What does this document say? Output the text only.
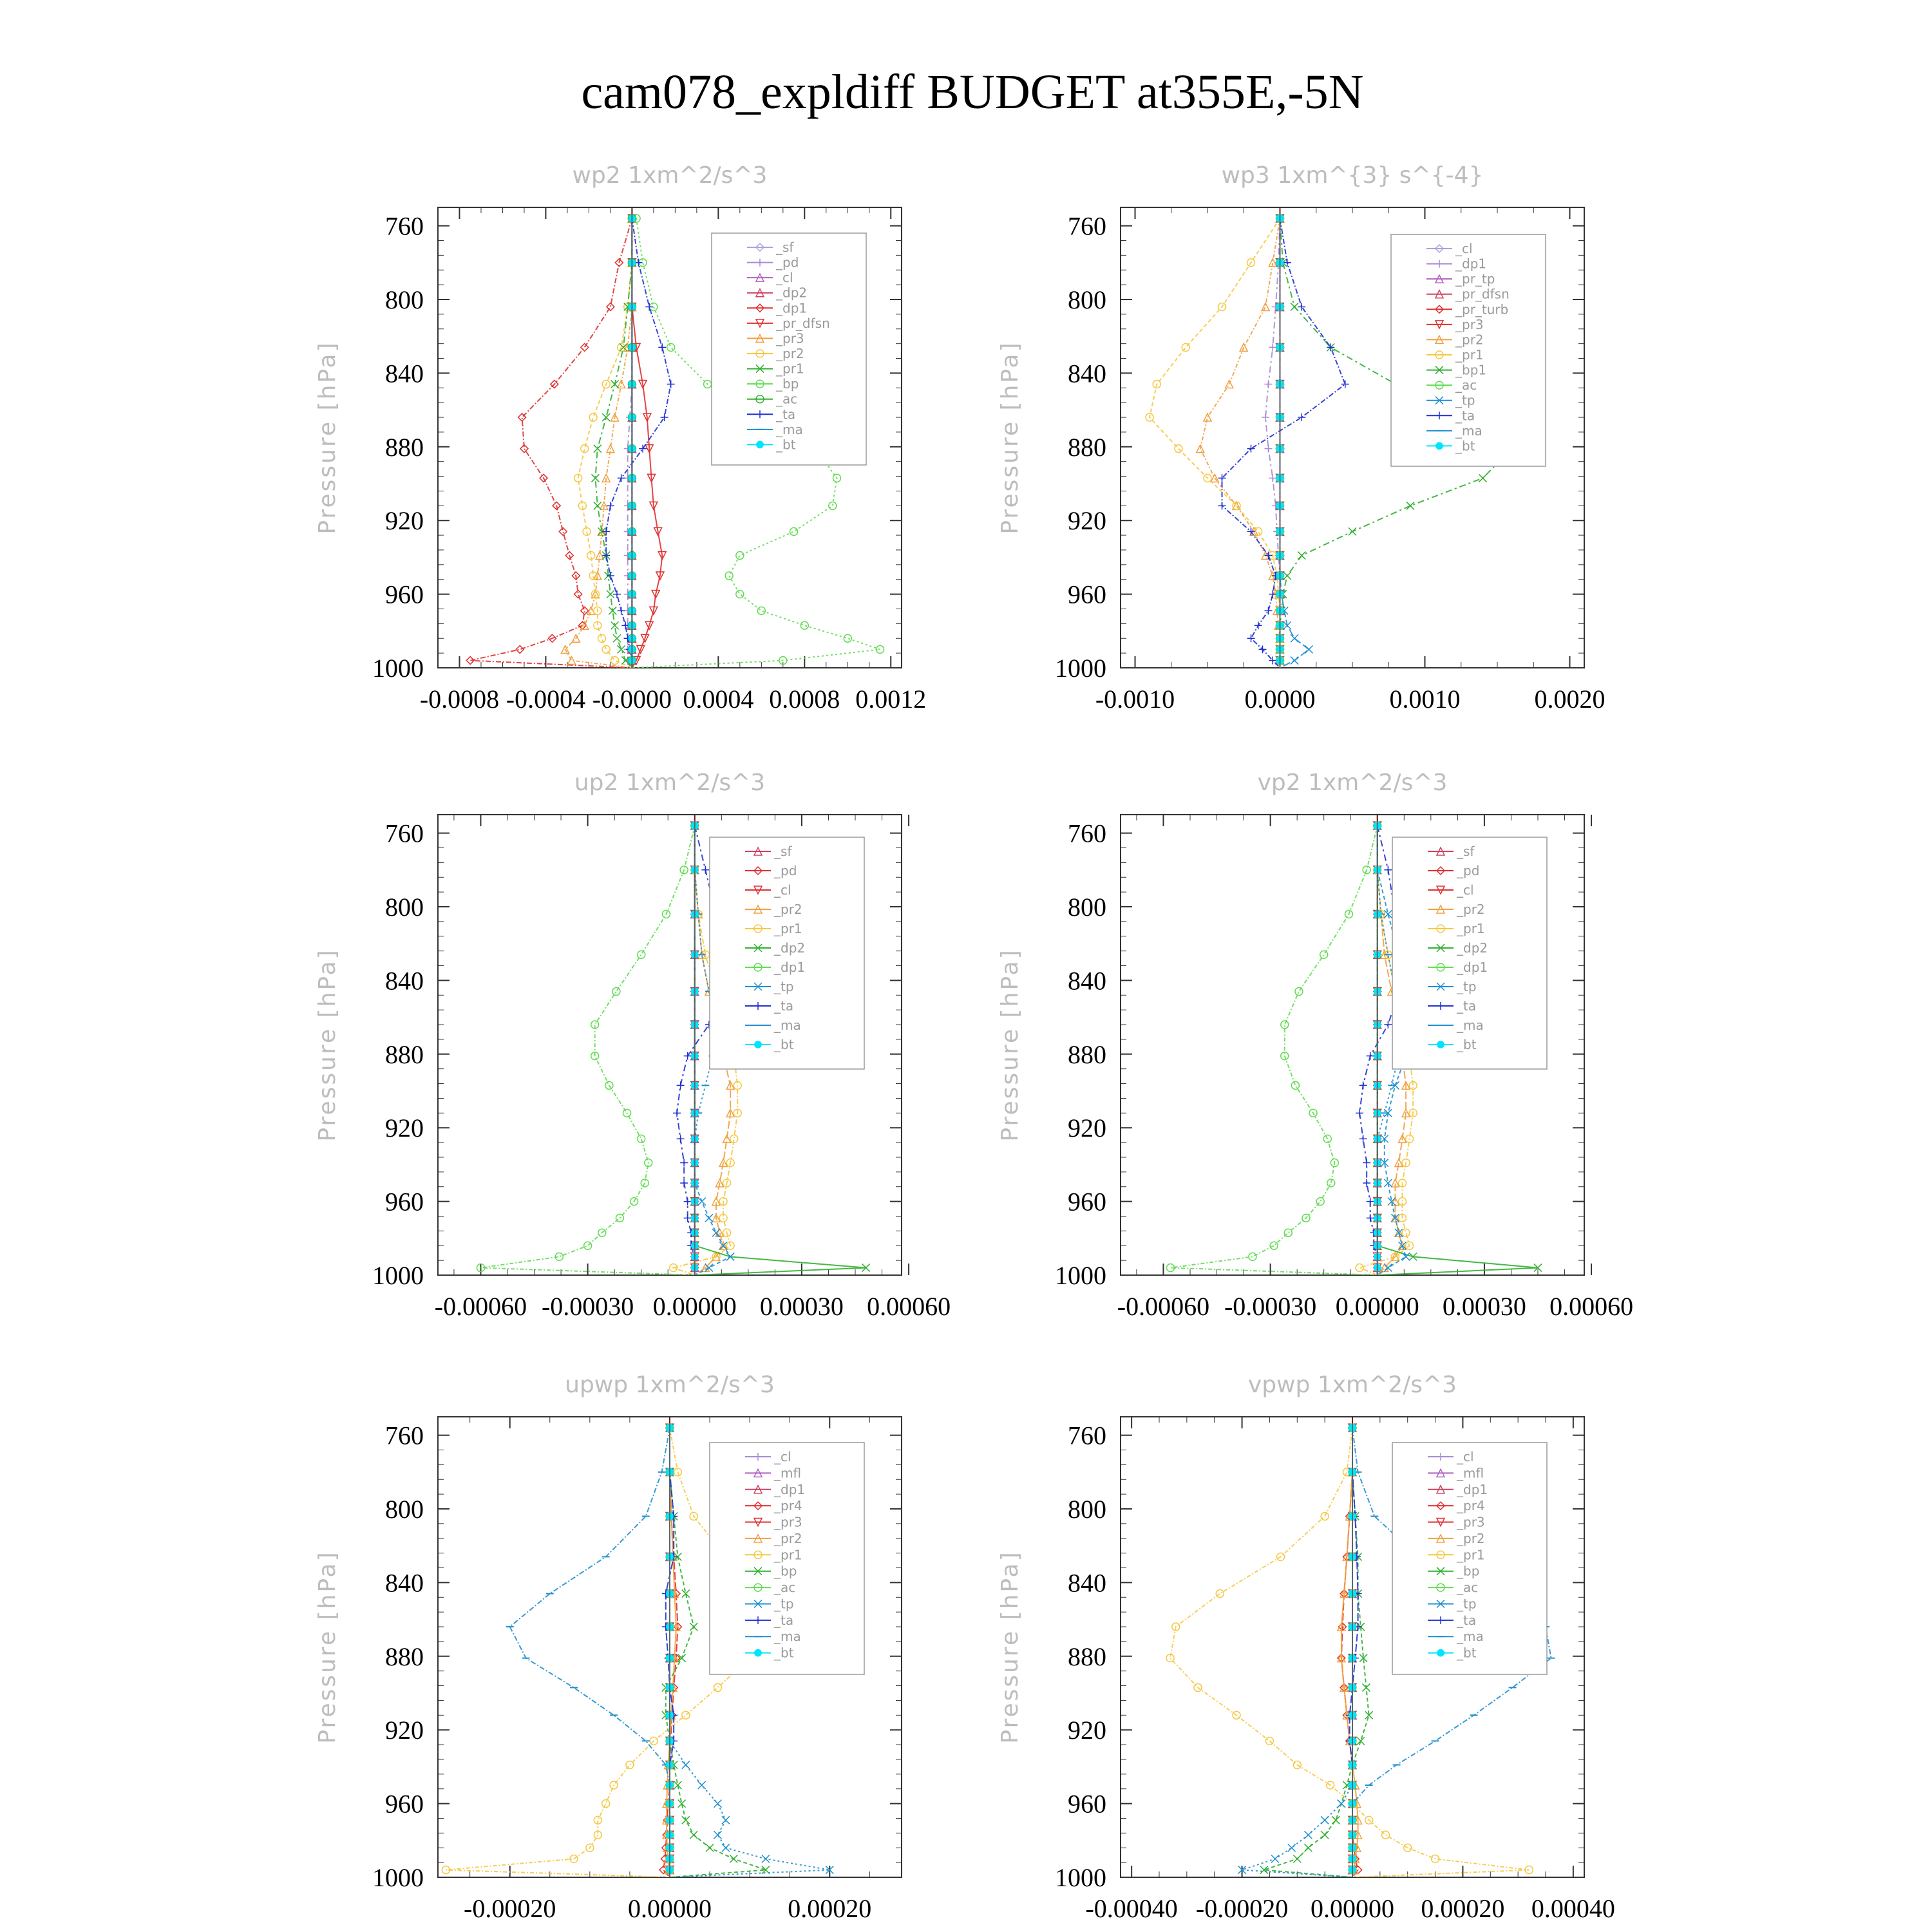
cam078_expldiff BUDGET at355E,-5N
wp2 1xm^2/s^3
Pressure [hPa]
760
800
840
880
920
960
1000
-0.0008 -0.0004 -0.0000 0.0004 0.0008 0.0012
_sf
_pd
_cl
_dp2
_dp1
_pr_dfsn
_pr3
_pr2
_pr1
_bp
_ac
_ta
_ma
_bt
wp3 1xm^{3} s^{-4}
Pressure [hPa]
760
800
840
880
920
960
1000
-0.0010	0.0000	0.0010	0.0020
_cl
_dp1
_pr_tp
_pr_dfsn
_pr_turb
_pr3
_pr2
_pr1
_bp1
_ac
_tp
_ta
_ma
_bt
up2 1xm^2/s^3
Pressure [hPa]
760
800
840
880
920
960
1000
-0.00060 -0.00030 0.00000 0.00030 0.00060
_sf
_pd
_cl
_pr2
_pr1
_dp2
_dp1
_tp
_ta
_ma
_bt
vp2 1xm^2/s^3
Pressure [hPa]
760
800
840
880
920
960
1000
-0.00060 -0.00030 0.00000 0.00030 0.00060
_sf
_pd
_cl
_pr2
_pr1
_dp2
_dp1
_tp
_ta
_ma
_bt
upwp 1xm^2/s^3
Pressure [hPa]
760
800
840
880
920
960
1000
-0.00020	0.00000	0.00020
_cl
_mfl
_dp1
_pr4
_pr3
_pr2
_pr1
_bp
_ac
_tp
_ta
_ma
_bt
vpwp 1xm^2/s^3
Pressure [hPa]
760
800
840
880
920
960
1000
-0.00040 -0.00020 0.00000 0.00020 0.00040
_cl
_mfl
_dp1
_pr4
_pr3
_pr2
_pr1
_bp
_ac
_tp
_ta
_ma
_bt
